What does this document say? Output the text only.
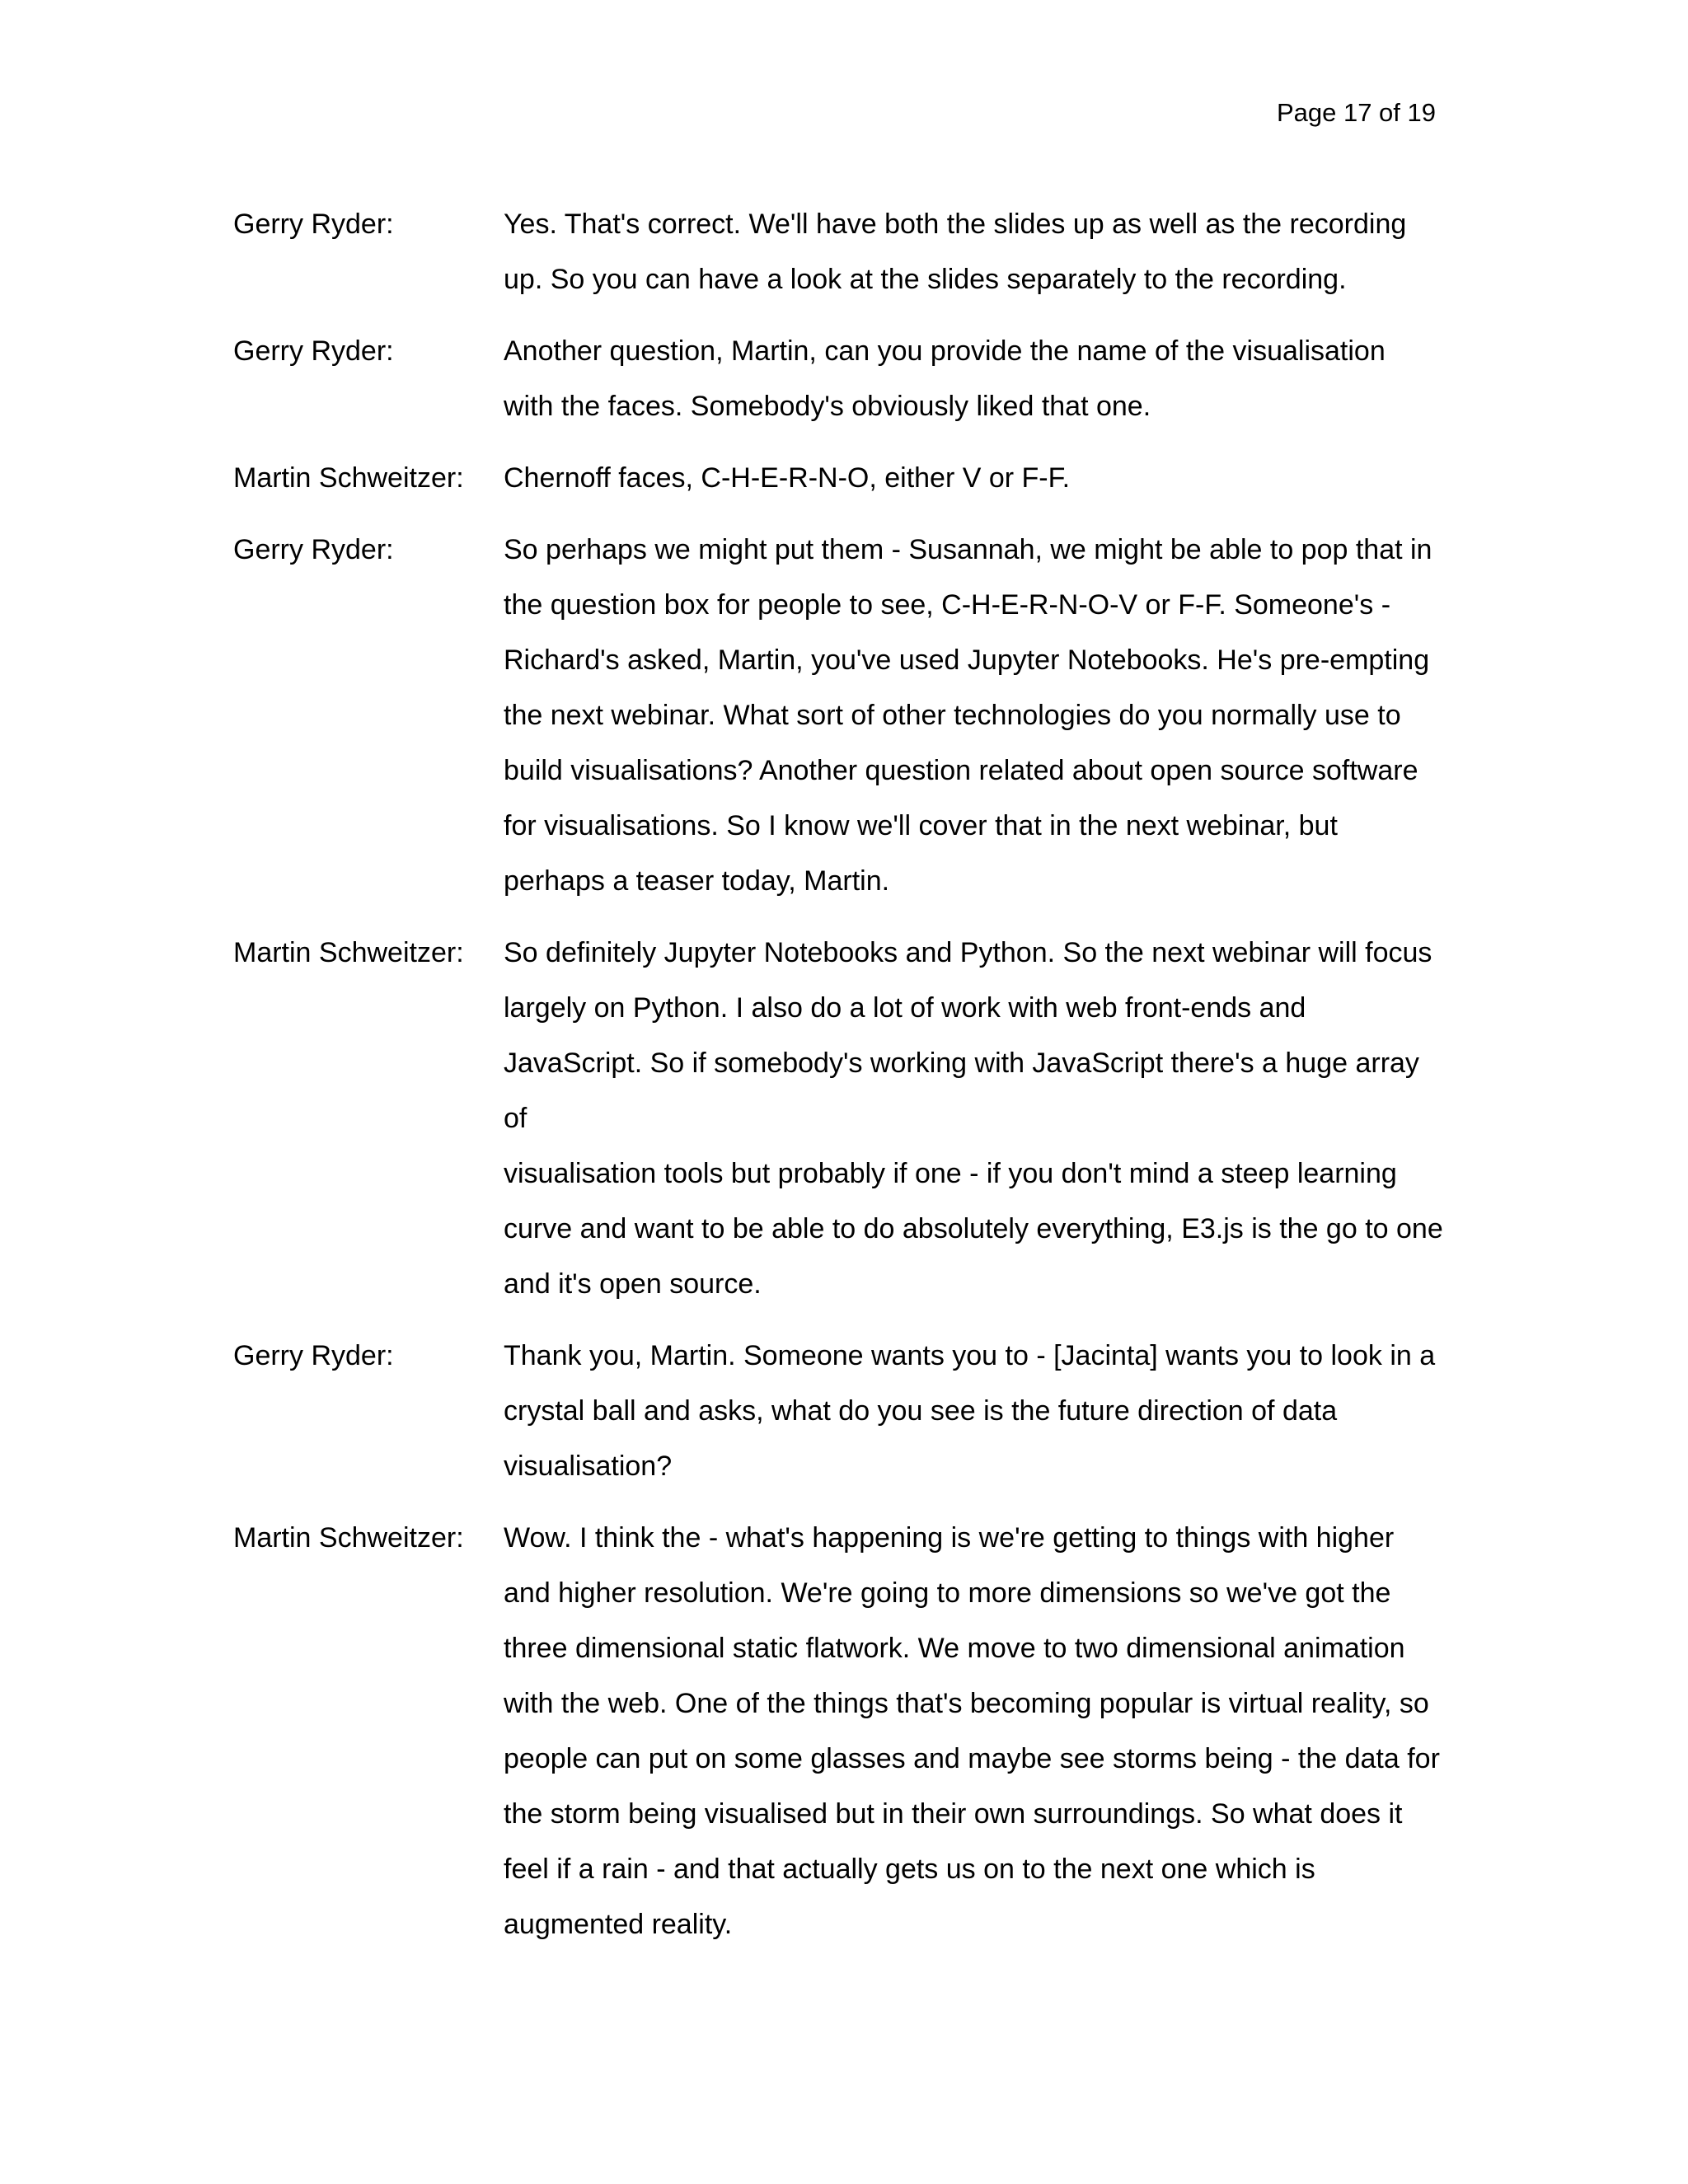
Page 17 of 19
Gerry Ryder:	Yes. That's correct. We'll have both the slides up as well as the recording
up. So you can have a look at the slides separately to the recording.
Gerry Ryder:	Another question, Martin, can you provide the name of the visualisation
with the faces. Somebody's obviously liked that one.
Martin Schweitzer:	Chernoff faces, C-H-E-R-N-O, either V or F-F.
Gerry Ryder:	So perhaps we might put them - Susannah, we might be able to pop that in
the question box for people to see, C-H-E-R-N-O-V or F-F. Someone's -
Richard's asked, Martin, you've used Jupyter Notebooks. He's pre-empting
the next webinar. What sort of other technologies do you normally use to
build visualisations? Another question related about open source software
for visualisations. So I know we'll cover that in the next webinar, but
perhaps a teaser today, Martin.
Martin Schweitzer:	So definitely Jupyter Notebooks and Python. So the next webinar will focus
largely on Python. I also do a lot of work with web front-ends and
JavaScript. So if somebody's working with JavaScript there's a huge array of
visualisation tools but probably if one - if you don't mind a steep learning
curve and want to be able to do absolutely everything, E3.js is the go to one
and it's open source.
Gerry Ryder:	Thank you, Martin. Someone wants you to - [Jacinta] wants you to look in a
crystal ball and asks, what do you see is the future direction of data
visualisation?
Martin Schweitzer:	Wow. I think the - what's happening is we're getting to things with higher
and higher resolution. We're going to more dimensions so we've got the
three dimensional static flatwork. We move to two dimensional animation
with the web. One of the things that's becoming popular is virtual reality, so
people can put on some glasses and maybe see storms being - the data for
the storm being visualised but in their own surroundings. So what does it
feel if a rain - and that actually gets us on to the next one which is
augmented reality.
